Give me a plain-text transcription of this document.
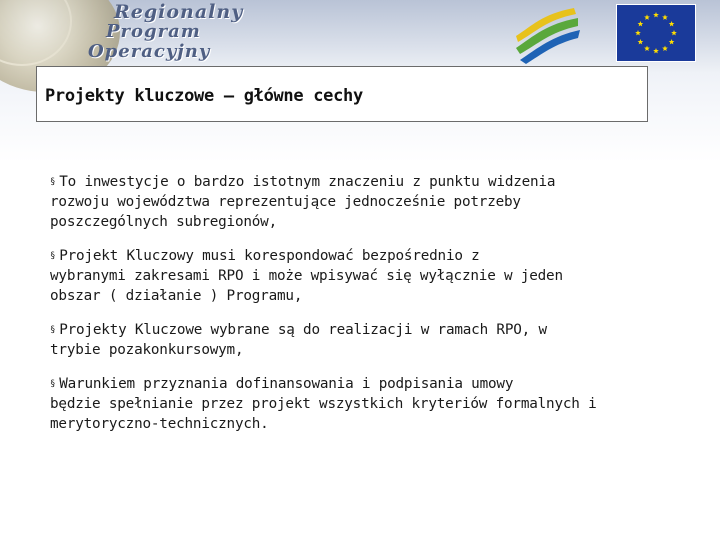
Regionalny
Program
Operacyjny
Projekty kluczowe – główne cechy
§ To inwestycje o bardzo istotnym znaczeniu z punktu widzenia
rozwoju województwa reprezentujące jednocześnie potrzeby
poszczególnych subregionów,
§ Projekt Kluczowy musi korespondować bezpośrednio z
wybranymi zakresami RPO i może wpisywać się wyłącznie w jeden
obszar ( działanie ) Programu,
§ Projekty Kluczowe wybrane są do realizacji w ramach RPO, w
trybie pozakonkursowym,
§ Warunkiem przyznania dofinansowania i podpisania umowy
będzie spełnianie przez projekt wszystkich kryteriów formalnych i
merytoryczno-technicznych.
